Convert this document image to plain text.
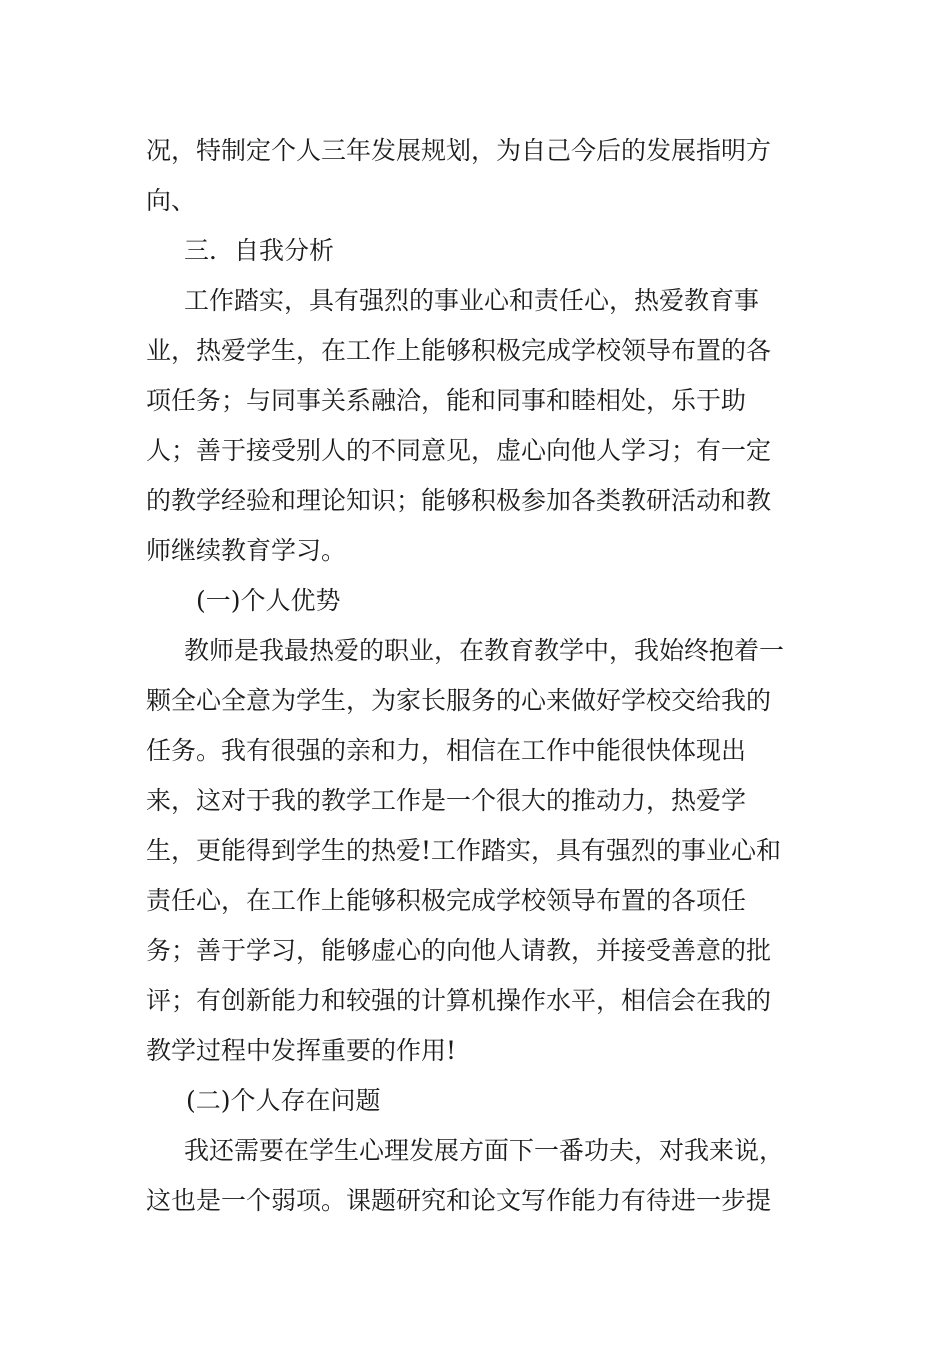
况，特制定个人三年发展规划，为自己今后的发展指明方
向、
三．自我分析
工作踏实，具有强烈的事业心和责任心，热爱教育事
业，热爱学生，在工作上能够积极完成学校领导布置的各
项任务；与同事关系融洽，能和同事和睦相处，乐于助
人；善于接受别人的不同意见，虚心向他人学习；有一定
的教学经验和理论知识；能够积极参加各类教研活动和教
师继续教育学习。
(一)个人优势
教师是我最热爱的职业，在教育教学中，我始终抱着一
颗全心全意为学生，为家长服务的心来做好学校交给我的
任务。我有很强的亲和力，相信在工作中能很快体现出
来，这对于我的教学工作是一个很大的推动力，热爱学
生，更能得到学生的热爱!工作踏实，具有强烈的事业心和
责任心，在工作上能够积极完成学校领导布置的各项任
务；善于学习，能够虚心的向他人请教，并接受善意的批
评；有创新能力和较强的计算机操作水平，相信会在我的
教学过程中发挥重要的作用!
(二)个人存在问题
我还需要在学生心理发展方面下一番功夫，对我来说，
这也是一个弱项。课题研究和论文写作能力有待进一步提
